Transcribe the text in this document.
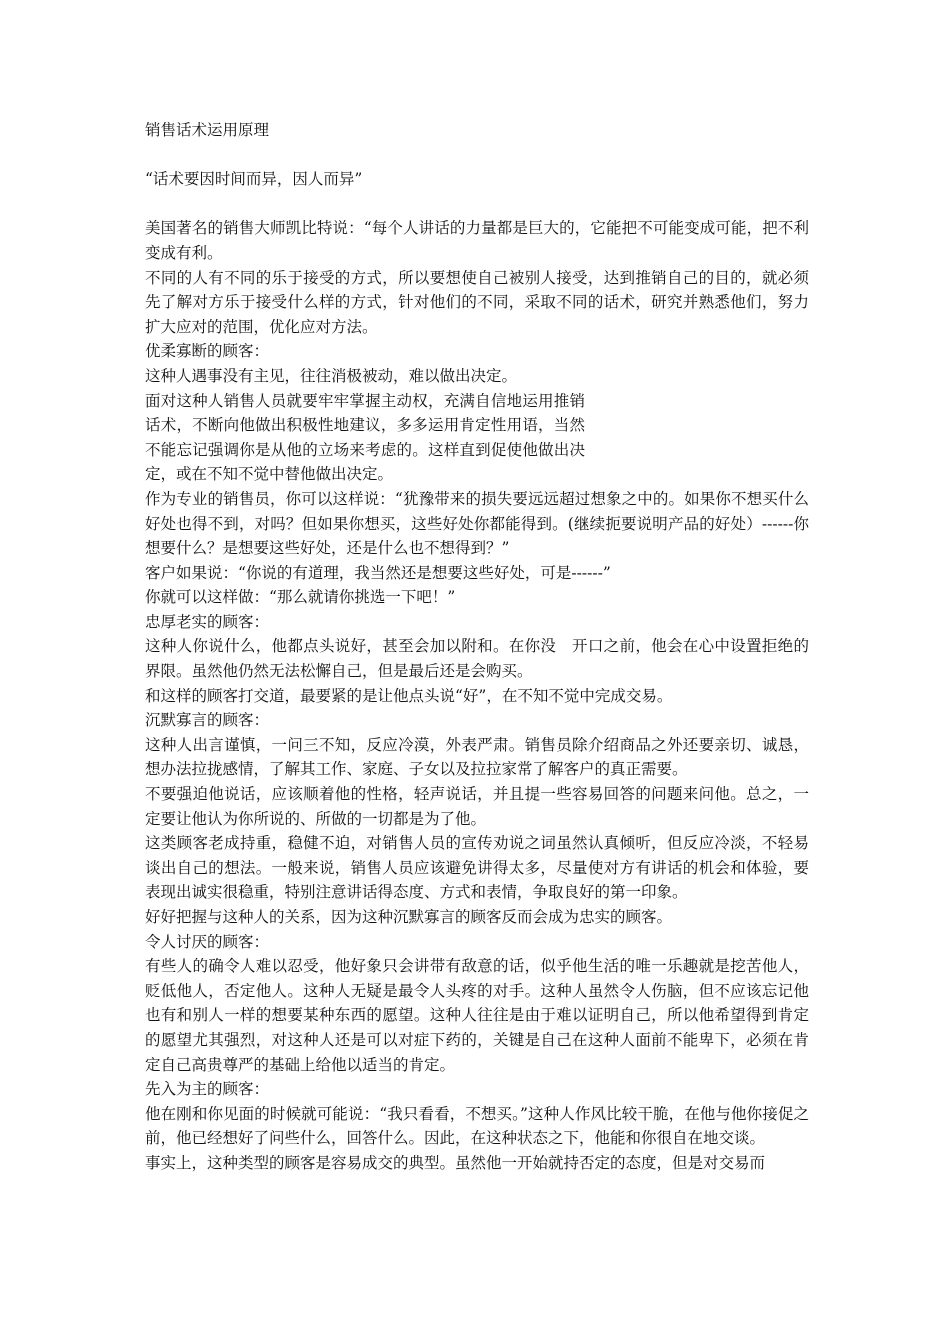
销售话术运用原理

“话术要因时间而异，因人而异”

美国著名的销售大师凯比特说：“每个人讲话的力量都是巨大的，它能把不可能变成可能，把不利变成有利。

不同的人有不同的乐于接受的方式，所以要想使自己被别人接受，达到推销自己的目的，就必须先了解对方乐于接受什么样的方式，针对他们的不同，采取不同的话术，研究并熟悉他们，努力扩大应对的范围，优化应对方法。

优柔寡断的顾客：

这种人遇事没有主见，往往消极被动，难以做出决定。

面对这种人销售人员就要牢牢掌握主动权，充满自信地运用推销话术，不断向他做出积极性地建议，多多运用肯定性用语，当然不能忘记强调你是从他的立场来考虑的。这样直到促使他做出决定，或在不知不觉中替他做出决定。

作为专业的销售员，你可以这样说：“犹豫带来的损失要远远超过想象之中的。如果你不想买什么好处也得不到，对吗？但如果你想买，这些好处你都能得到。(继续扼要说明产品的好处）------你想要什么？是想要这些好处，还是什么也不想得到？”

客户如果说：“你说的有道理，我当然还是想要这些好处，可是------”

你就可以这样做：“那么就请你挑选一下吧！”

忠厚老实的顾客：

这种人你说什么，他都点头说好，甚至会加以附和。在你没　开口之前，他会在心中设置拒绝的界限。虽然他仍然无法松懈自己，但是最后还是会购买。

和这样的顾客打交道，最要紧的是让他点头说“好”，在不知不觉中完成交易。

沉默寡言的顾客：

这种人出言谨慎，一问三不知，反应冷漠，外表严肃。销售员除介绍商品之外还要亲切、诚恳，想办法拉拢感情，了解其工作、家庭、子女以及拉拉家常了解客户的真正需要。

不要强迫他说话，应该顺着他的性格，轻声说话，并且提一些容易回答的问题来问他。总之，一定要让他认为你所说的、所做的一切都是为了他。

这类顾客老成持重，稳健不迫，对销售人员的宣传劝说之词虽然认真倾听，但反应冷淡，不轻易谈出自己的想法。一般来说，销售人员应该避免讲得太多，尽量使对方有讲话的机会和体验，要表现出诚实很稳重，特别注意讲话得态度、方式和表情，争取良好的第一印象。

好好把握与这种人的关系，因为这种沉默寡言的顾客反而会成为忠实的顾客。

令人讨厌的顾客：

有些人的确令人难以忍受，他好象只会讲带有敌意的话，似乎他生活的唯一乐趣就是挖苦他人，贬低他人，否定他人。这种人无疑是最令人头疼的对手。这种人虽然令人伤脑，但不应该忘记他也有和别人一样的想要某种东西的愿望。这种人往往是由于难以证明自己，所以他希望得到肯定的愿望尤其强烈，对这种人还是可以对症下药的，关键是自己在这种人面前不能卑下，必须在肯定自己高贵尊严的基础上给他以适当的肯定。

先入为主的顾客：

他在刚和你见面的时候就可能说：“我只看看，不想买。”这种人作风比较干脆，在他与他你接促之前，他已经想好了问些什么，回答什么。因此，在这种状态之下，他能和你很自在地交谈。

事实上，这种类型的顾客是容易成交的典型。虽然他一开始就持否定的态度，但是对交易而
